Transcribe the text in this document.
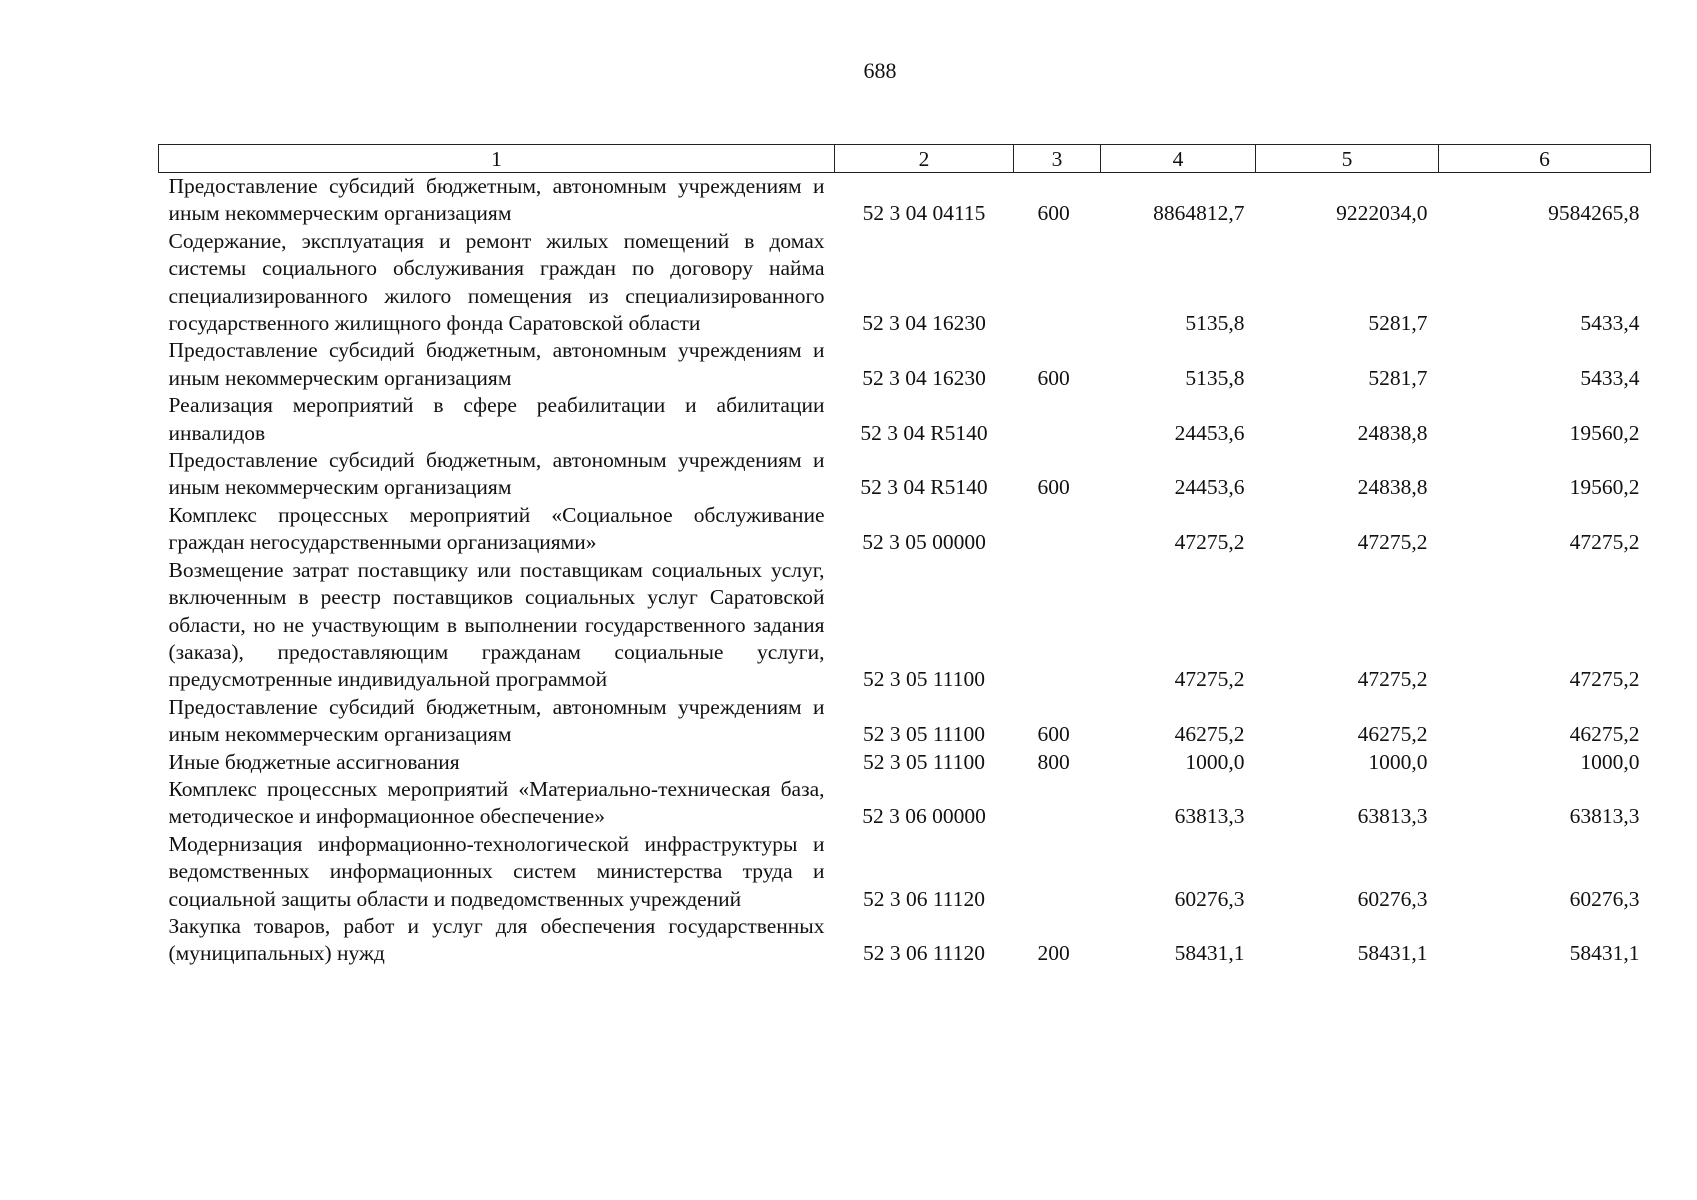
688
1	2	3	4	5	6
Предоставление субсидий бюджетным, автономным учреждениям и иным некоммерческим организациям	52 3 04 04115	600	8864812,7	9222034,0	9584265,8
Содержание, эксплуатация и ремонт жилых помещений в домах системы социального обслуживания граждан по договору найма специализированного жилого помещения из специализированного государственного жилищного фонда Саратовской области	52 3 04 16230		5135,8	5281,7	5433,4
Предоставление субсидий бюджетным, автономным учреждениям и иным некоммерческим организациям	52 3 04 16230	600	5135,8	5281,7	5433,4
Реализация мероприятий в сфере реабилитации и абилитации инвалидов	52 3 04 R5140		24453,6	24838,8	19560,2
Предоставление субсидий бюджетным, автономным учреждениям и иным некоммерческим организациям	52 3 04 R5140	600	24453,6	24838,8	19560,2
Комплекс процессных мероприятий «Социальное обслуживание граждан негосударственными организациями»	52 3 05 00000		47275,2	47275,2	47275,2
Возмещение затрат поставщику или поставщикам социальных услуг, включенным в реестр поставщиков социальных услуг Саратовской области, но не участвующим в выполнении государственного задания (заказа), предоставляющим гражданам социальные услуги, предусмотренные индивидуальной программой	52 3 05 11100		47275,2	47275,2	47275,2
Предоставление субсидий бюджетным, автономным учреждениям и иным некоммерческим организациям	52 3 05 11100	600	46275,2	46275,2	46275,2
Иные бюджетные ассигнования	52 3 05 11100	800	1000,0	1000,0	1000,0
Комплекс процессных мероприятий «Материально-техническая база, методическое и информационное обеспечение»	52 3 06 00000		63813,3	63813,3	63813,3
Модернизация информационно-технологической инфраструктуры и ведомственных информационных систем министерства труда и социальной защиты области и подведомственных учреждений	52 3 06 11120		60276,3	60276,3	60276,3
Закупка товаров, работ и услуг для обеспечения государственных (муниципальных) нужд	52 3 06 11120	200	58431,1	58431,1	58431,1
